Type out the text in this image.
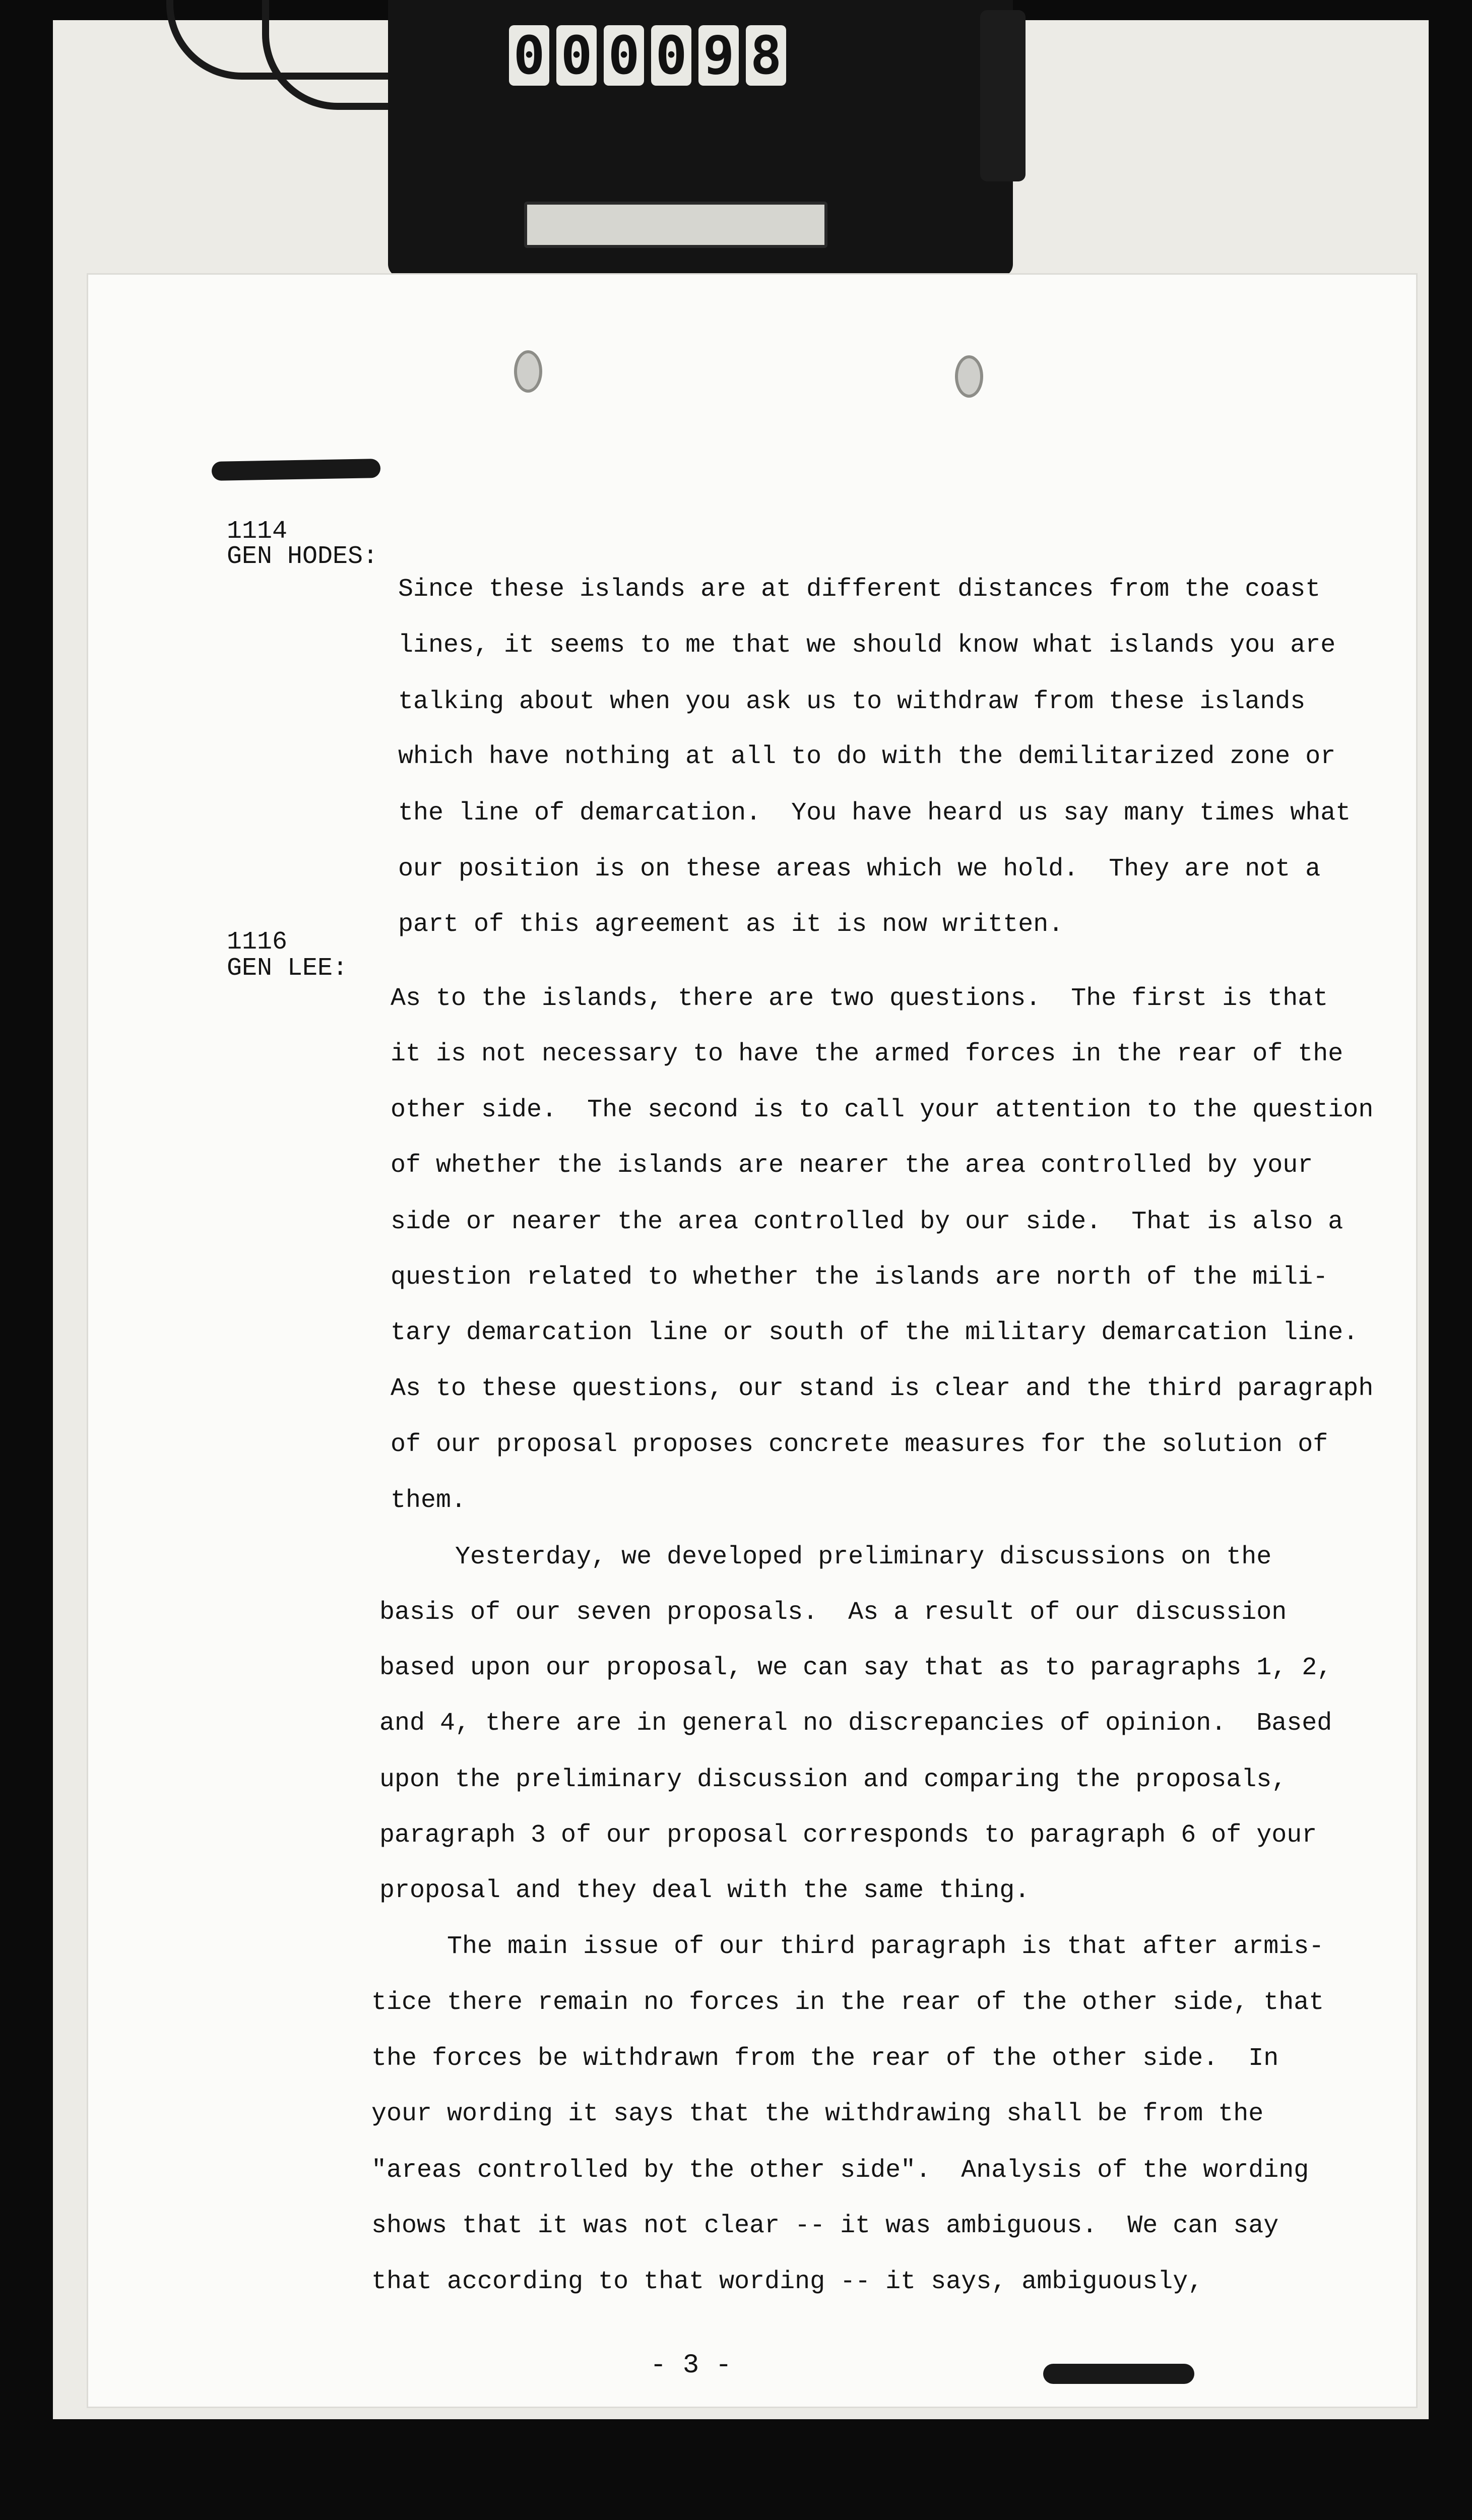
0 0 0 0 9 8
1114
GEN HODES:
1116
GEN LEE:
Since these islands are at different distances from the coast
lines, it seems to me that we should know what islands you are
talking about when you ask us to withdraw from these islands
which have nothing at all to do with the demilitarized zone or
the line of demarcation.  You have heard us say many times what
our position is on these areas which we hold.  They are not a
part of this agreement as it is now written.
As to the islands, there are two questions.  The first is that
it is not necessary to have the armed forces in the rear of the
other side.  The second is to call your attention to the question
of whether the islands are nearer the area controlled by your
side or nearer the area controlled by our side.  That is also a
question related to whether the islands are north of the mili-
tary demarcation line or south of the military demarcation line.
As to these questions, our stand is clear and the third paragraph
of our proposal proposes concrete measures for the solution of
them.
Yesterday, we developed preliminary discussions on the
basis of our seven proposals.  As a result of our discussion
based upon our proposal, we can say that as to paragraphs 1, 2,
and 4, there are in general no discrepancies of opinion.  Based
upon the preliminary discussion and comparing the proposals,
paragraph 3 of our proposal corresponds to paragraph 6 of your
proposal and they deal with the same thing.
The main issue of our third paragraph is that after armis-
tice there remain no forces in the rear of the other side, that
the forces be withdrawn from the rear of the other side.  In
your wording it says that the withdrawing shall be from the
"areas controlled by the other side".  Analysis of the wording
shows that it was not clear -- it was ambiguous.  We can say
that according to that wording -- it says, ambiguously,
- 3 -
